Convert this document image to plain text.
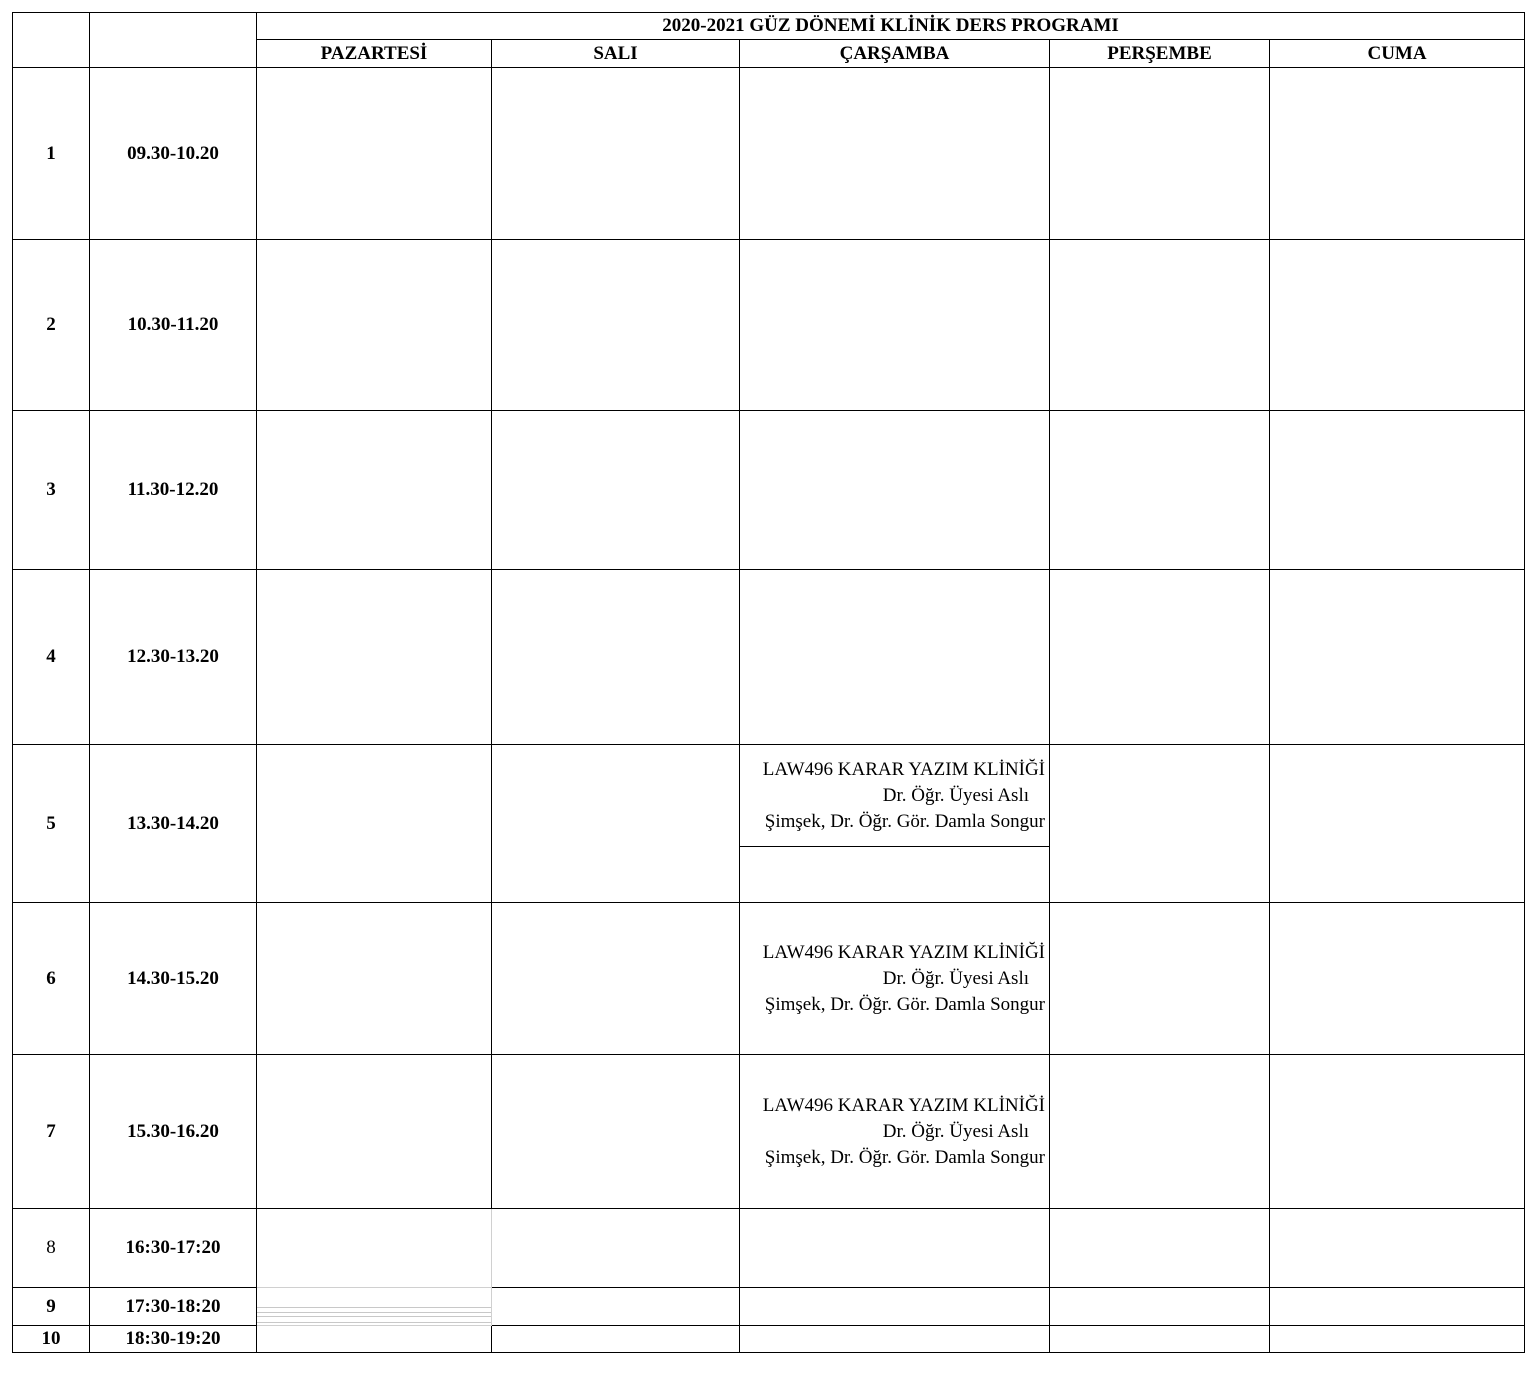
		2020-2021 GÜZ DÖNEMİ KLİNİK DERS PROGRAMI				
		PAZARTESİ	SALI	ÇARŞAMBA	PERŞEMBE	CUMA
1	09.30-10.20					
2	10.30-11.20					
3	11.30-12.20					
4	12.30-13.20					
5	13.30-14.20			LAW496 KARAR YAZIM KLİNİĞİ
Dr. Öğr. Üyesi Aslı
Şimşek, Dr. Öğr. Gör. Damla Songur		

6	14.30-15.20			LAW496 KARAR YAZIM KLİNİĞİ
Dr. Öğr. Üyesi Aslı
Şimşek, Dr. Öğr. Gör. Damla Songur		

7	15.30-16.20			LAW496 KARAR YAZIM KLİNİĞİ
Dr. Öğr. Üyesi Aslı
Şimşek, Dr. Öğr. Gör. Damla Songur		

8	16:30-17:20					
9	17:30-18:20	

10	18:30-19:20					
